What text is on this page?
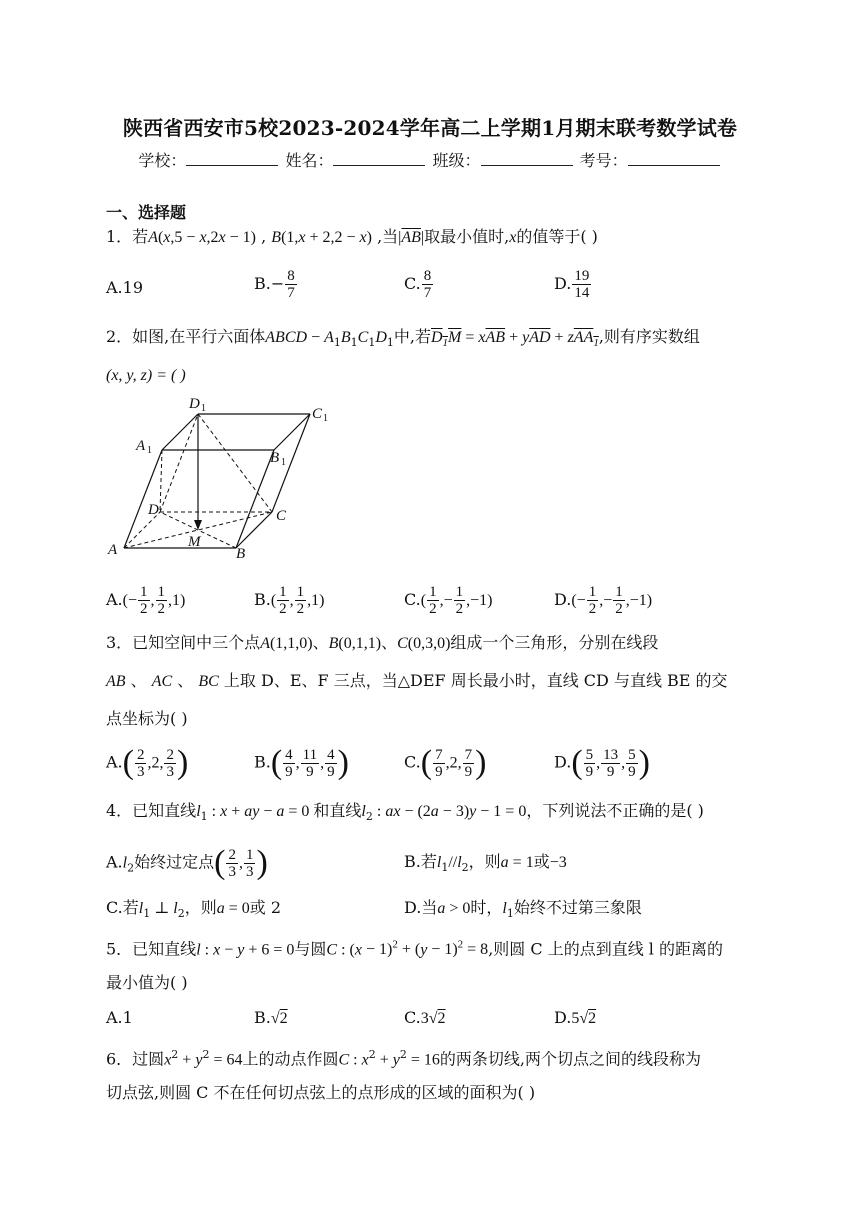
陕西省西安市5校2023-2024学年高二上学期1月期末联考数学试卷
学校：	姓名：	班级：	考号：
一、选择题
1．若A(x,5 − x,2x − 1) , B(1,x + 2,2 − x) ,当$|\overline{AB}|$取最小值时,x的值等于( )
A.19	$B.- \frac{8}{7}$	C. $\frac{8}{7}$	D. $\frac{19}{14}$
2．如图,在平行六面体ABCD − $A_1B_1C_1D_1$中,若$D_1M = x\overline{AB} + y\overline{AD} + zAA_1$,则有序实数组
(x, y, z) = ( )
D 1	C 1
A 1	B 1
D	C
A	B
M
$A.(- \frac{1}{2}$ , $\frac{1}{2} ,1$)	$B.( \frac{1}{2}$ , $\frac{1}{2} ,1$)	$C.( \frac{1}{2}$ ,− $\frac{1}{2} ,-1$)	$D.(- \frac{1}{2}$ ,− $\frac{1}{2} ,-1$)
3．已知空间中三个点A(1,1,0)、B(0,1,1)、C(0,3,0)组成一个三角形，分别在线段
AB 、 AC 、 BC 上取 D、E、F 三点，当△DEF 周长最小时，直线 CD 与直线 BE 的交
点坐标为( )
$A.( \frac{2}{3} ,2$, $\frac{2}{3}$ )	$B.( \frac{4}{9}$ , $\frac{11}{9}$ , $\frac{4}{9}$ )	$C.( \frac{7}{9} ,2$, $\frac{7}{9}$ )	$D.( \frac{5}{9}$ , $\frac{13}{9}$ , $\frac{5}{9}$ )
4．已知直线$l_1$ : x + ay − a = 0 和直线$l_2$ : ax − (2a − 3)y − 1 = 0，下列说法不正确的是( )
$A.l_2$始终过定点( $\frac{2}{3}$ , $\frac{1}{3}$ )	B.若$l_1//l_2$，则a = 1或−3
C.若$l_1$ ⊥ $l_2$，则a = 0或 2	D.当a > 0时，$l_1$始终不过第三象限
5．已知直线l : x − y + 6 = 0与圆C : $(x - 1)^2 + (y - 1)^2 = 8$,则圆 C 上的点到直线 l 的距离的
最小值为( )
A.1	B.√2	C.3√2	D.5√2
6．过圆$x^2 + y^2 = 64$上的动点作圆C : $x^2 + y^2 = 16$的两条切线,两个切点之间的线段称为
切点弦,则圆 C 不在任何切点弦上的点形成的区域的面积为( )
